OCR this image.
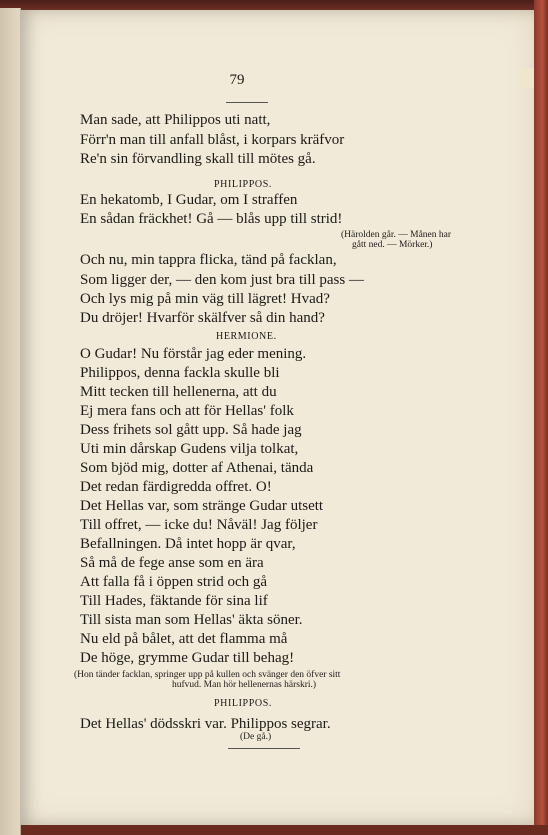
79
Man sade, att Philippos uti natt,
Förr'n man till anfall blåst, i korpars kräfvor
Re'n sin förvandling skall till mötes gå.
PHILIPPOS.
En hekatomb, I Gudar, om I straffen
En sådan fräckhet! Gå — blås upp till strid!
(Härolden går. — Månen har
gått ned. — Mörker.)
Och nu, min tappra flicka, tänd på facklan,
Som ligger der, — den kom just bra till pass —
Och lys mig på min väg till lägret! Hvad?
Du dröjer! Hvarför skälfver så din hand?
HERMIONE.
O Gudar! Nu förstår jag eder mening.
Philippos, denna fackla skulle bli
Mitt tecken till hellenerna, att du
Ej mera fans och att för Hellas' folk
Dess frihets sol gått upp. Så hade jag
Uti min dårskap Gudens vilja tolkat,
Som bjöd mig, dotter af Athenai, tända
Det redan färdigredda offret. O!
Det Hellas var, som stränge Gudar utsett
Till offret, — icke du! Nåväl! Jag följer
Befallningen. Då intet hopp är qvar,
Så må de fege anse som en ära
Att falla få i öppen strid och gå
Till Hades, fäktande för sina lif
Till sista man som Hellas' äkta söner.
Nu eld på bålet, att det flamma må
De höge, grymme Gudar till behag!
(Hon tänder facklan, springer upp på kullen och svänger den öfver sitt
hufvud. Man hör hellenernas härskri.)
PHILIPPOS.
Det Hellas' dödsskri var. Philippos segrar.
(De gå.)
